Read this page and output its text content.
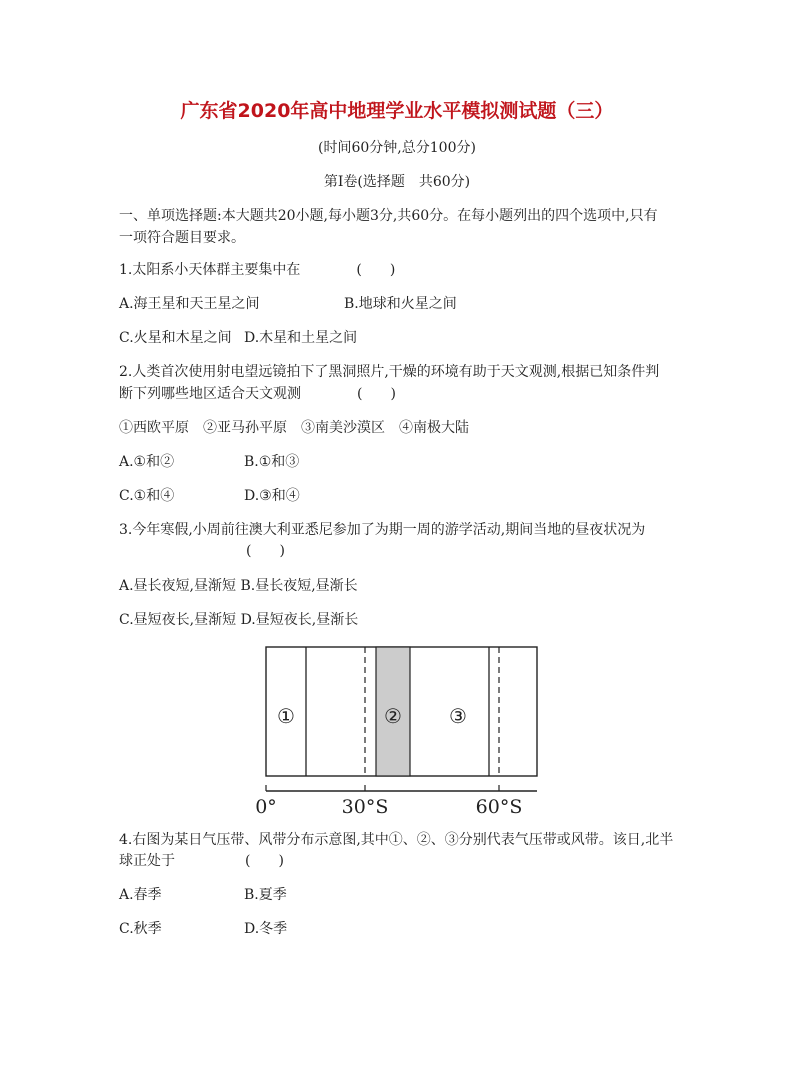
广东省2020年高中地理学业水平模拟测试题（三）
(时间60分钟,总分100分)
第Ⅰ卷(选择题　共60分)
一、单项选择题:本大题共20小题,每小题3分,共60分。在每小题列出的四个选项中,只有
一项符合题目要求。
1.太阳系小天体群主要集中在　　　　(　　)
A.海王星和天王星之间	B.地球和火星之间
C.火星和木星之间 D.木星和土星之间
2.人类首次使用射电望远镜拍下了黑洞照片,干燥的环境有助于天文观测,根据已知条件判
断下列哪些地区适合天文观测　　　　(　　)
①西欧平原　②亚马孙平原　③南美沙漠区　④南极大陆
A.①和②	B.①和③
C.①和④	D.③和④
3.今年寒假,小周前往澳大利亚悉尼参加了为期一周的游学活动,期间当地的昼夜状况为
(　　)
A.昼长夜短,昼渐短 B.昼长夜短,昼渐长
C.昼短夜长,昼渐短 D.昼短夜长,昼渐长
①	② ③
0°	30°S	60°S
4.右图为某日气压带、风带分布示意图,其中①、②、③分别代表气压带或风带。该日,北半
球正处于　　　　　(　　)
A.春季	B.夏季
C.秋季	D.冬季
